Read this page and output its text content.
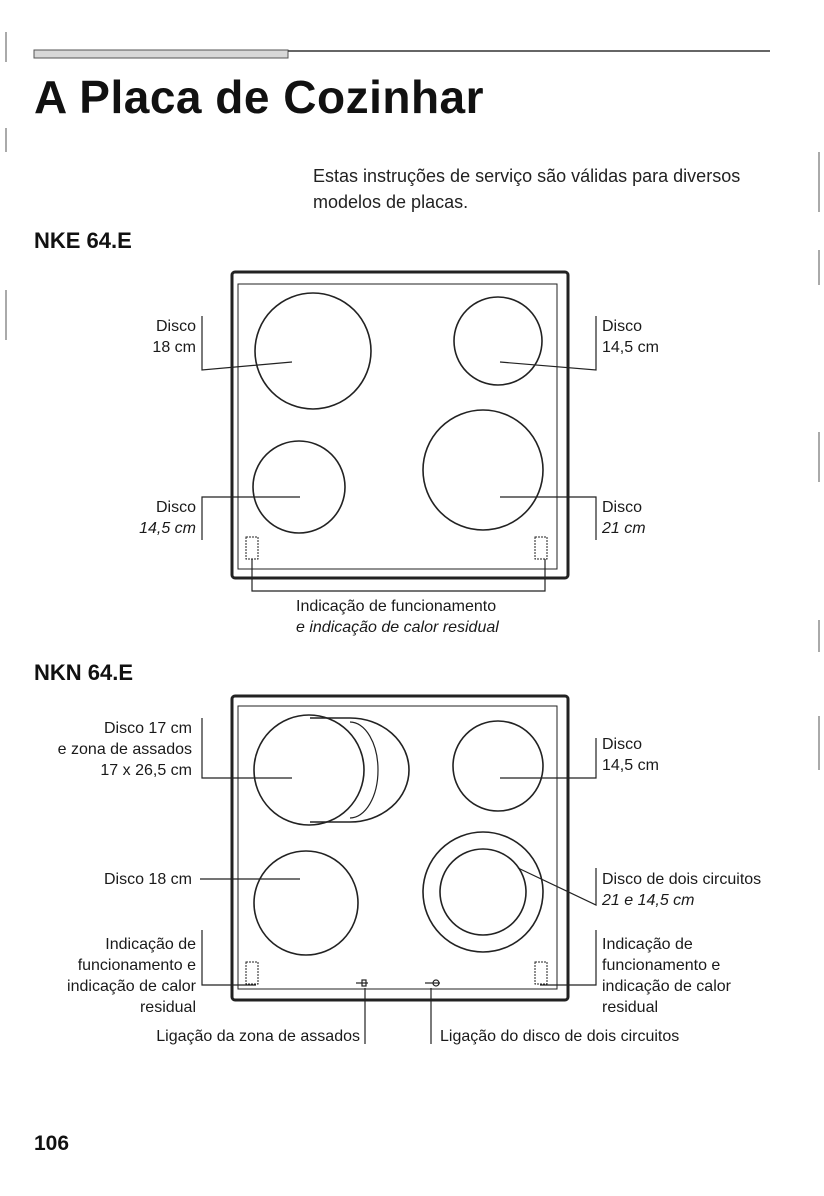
A Placa de Cozinhar
Estas instruções de serviço são válidas para diversos modelos de placas.
NKE 64.E
Disco
18 cm
Disco
14,5 cm
Disco
14,5 cm
Disco
21 cm
Indicação de funcionamento
e indicação de calor residual
NKN 64.E
Disco 17 cm
e zona de assados
17 x 26,5 cm
Disco
14,5 cm
Disco 18 cm	Disco de dois circuitos
21 e 14,5 cm
Indicação de
funcionamento e
indicação de calor
residual
Indicação de
funcionamento e
indicação de calor
residual
Ligação da zona de assados	Ligação do disco de dois circuitos
106
